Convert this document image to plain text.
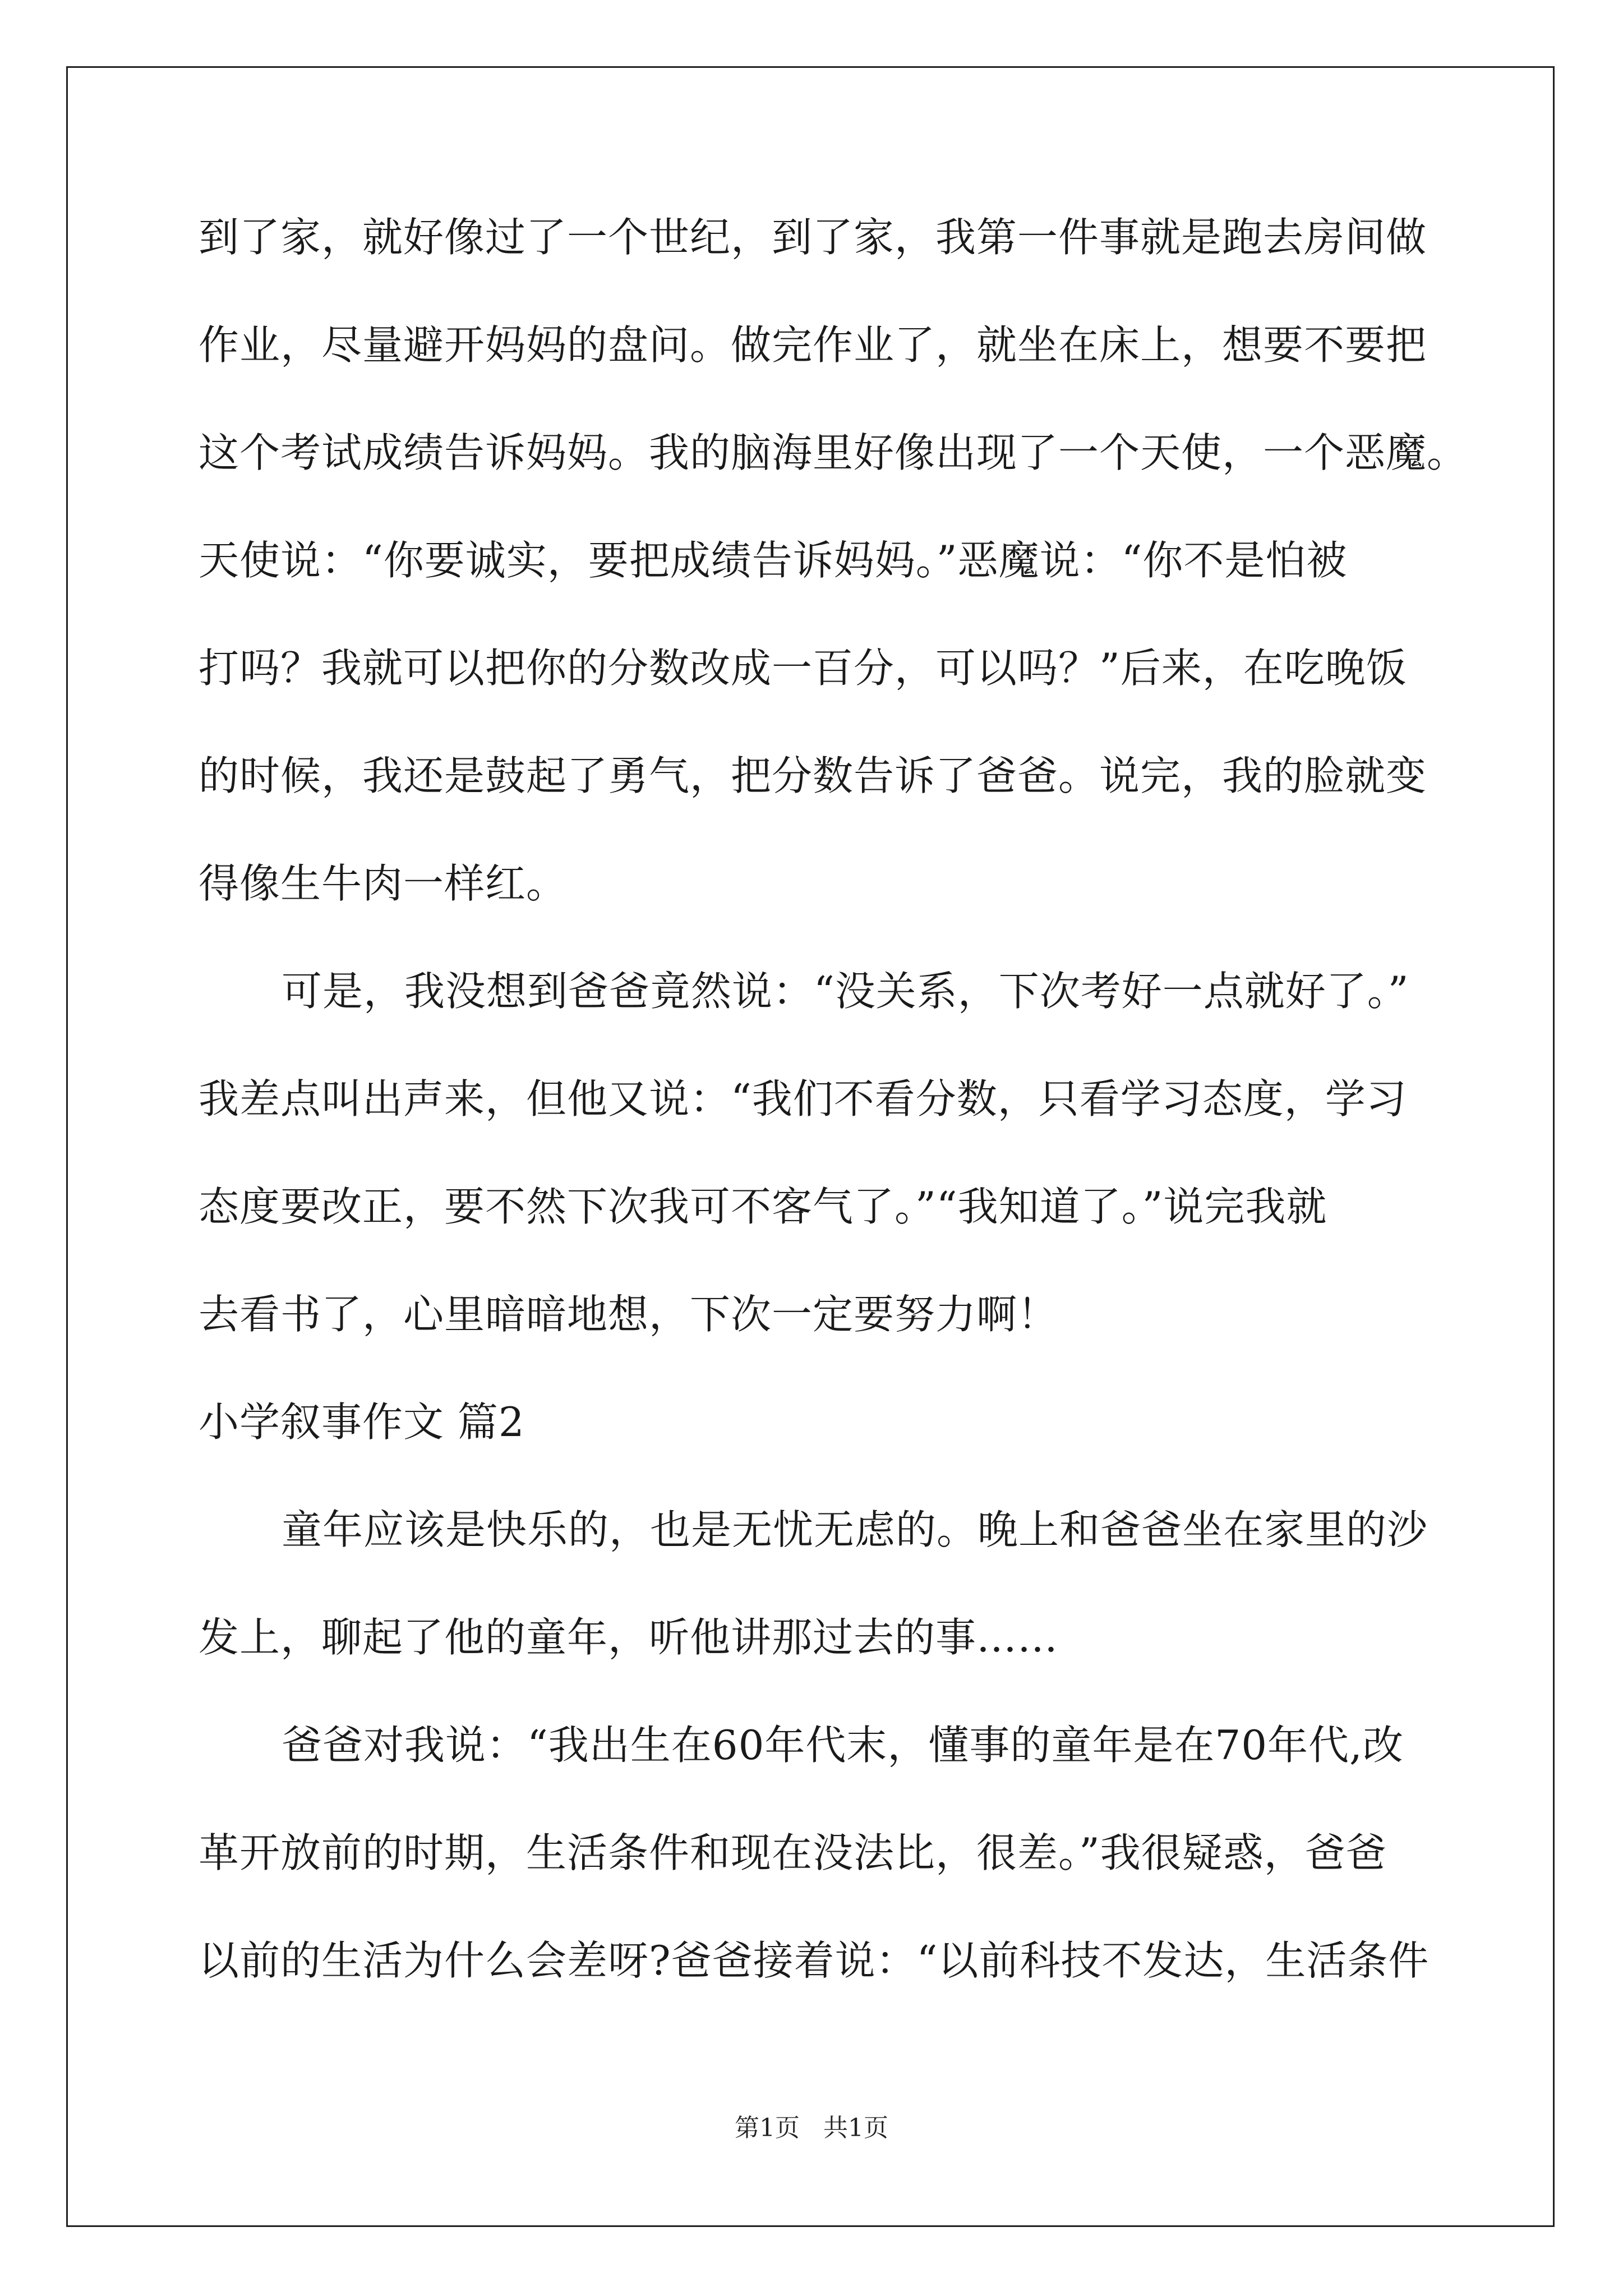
到了家，就好像过了一个世纪，到了家，我第一件事就是跑去房间做
作业，尽量避开妈妈的盘问。做完作业了，就坐在床上，想要不要把
这个考试成绩告诉妈妈。我的脑海里好像出现了一个天使，一个恶魔。
天使说：“你要诚实，要把成绩告诉妈妈。”恶魔说：“你不是怕被
打吗？我就可以把你的分数改成一百分，可以吗？”后来，在吃晚饭
的时候，我还是鼓起了勇气，把分数告诉了爸爸。说完，我的脸就变
得像生牛肉一样红。
可是，我没想到爸爸竟然说：“没关系，下次考好一点就好了。”
我差点叫出声来，但他又说：“我们不看分数，只看学习态度，学习
态度要改正，要不然下次我可不客气了。”“我知道了。”说完我就
去看书了，心里暗暗地想，下次一定要努力啊！
小学叙事作文 篇2
童年应该是快乐的，也是无忧无虑的。晚上和爸爸坐在家里的沙
发上，聊起了他的童年，听他讲那过去的事……
爸爸对我说：“我出生在60年代末，懂事的童年是在70年代,改
革开放前的时期，生活条件和现在没法比，很差。”我很疑惑，爸爸
以前的生活为什么会差呀?爸爸接着说：“以前科技不发达，生活条件
第1页   共1页
